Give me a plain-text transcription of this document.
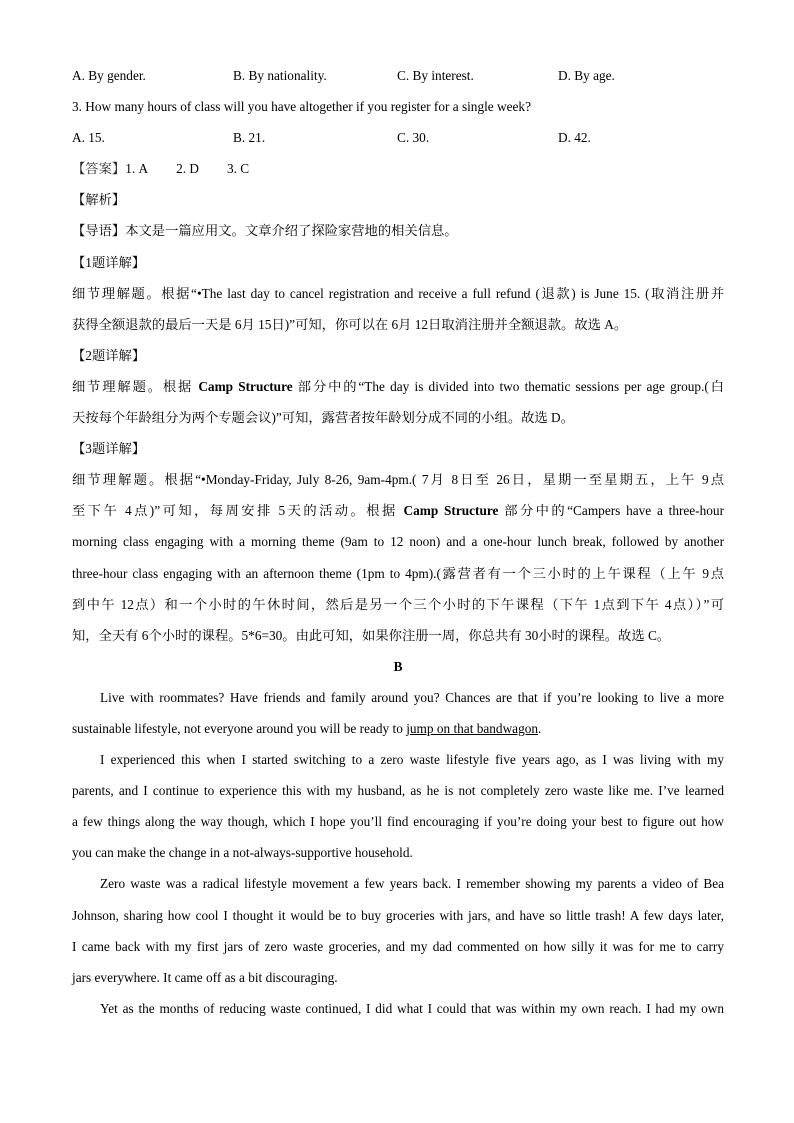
A. By gender.	B. By nationality.	C. By interest.	D. By age.
3. How many hours of class will you have altogether if you register for a single week?
A. 15.	B. 21.	C. 30.	D. 42.
【答案】1. A 2. D 3. C
【解析】
【导语】本文是一篇应用文。文章介绍了探险家营地的相关信息。
【1题详解】
细节理解题。根据“•The last day to cancel registration and receive a full refund (退款) is June 15. (取消注册并
获得全额退款的最后一天是 6月 15日)”可知，你可以在 6月 12日取消注册并全额退款。故选 A。
【2题详解】
细节理解题。根据 Camp Structure 部分中的“The day is divided into two thematic sessions per age group.(白
天按每个年龄组分为两个专题会议)”可知，露营者按年龄划分成不同的小组。故选 D。
【3题详解】
细节理解题。根据“•Monday-Friday, July 8-26, 9am-4pm.( 7月 8日至 26日，星期一至星期五，上午 9点
至下午 4点)”可知，每周安排 5天的活动。根据 Camp Structure 部分中的“Campers have a three-hour
morning class engaging with a morning theme (9am to 12 noon) and a one-hour lunch break, followed by another
three-hour class engaging with an afternoon theme (1pm to 4pm).(露营者有一个三小时的上午课程（上午 9点
到中午 12点）和一个小时的午休时间，然后是另一个三个小时的下午课程（下午 1点到下午 4点））”可
知，全天有 6个小时的课程。5*6=30。由此可知，如果你注册一周，你总共有 30小时的课程。故选 C。
B
Live with roommates? Have friends and family around you? Chances are that if you’re looking to live a more
sustainable lifestyle, not everyone around you will be ready to jump on that bandwagon.
I experienced this when I started switching to a zero waste lifestyle five years ago, as I was living with my
parents, and I continue to experience this with my husband, as he is not completely zero waste like me. I’ve learned
a few things along the way though, which I hope you’ll find encouraging if you’re doing your best to figure out how
you can make the change in a not-always-supportive household.
Zero waste was a radical lifestyle movement a few years back. I remember showing my parents a video of Bea
Johnson, sharing how cool I thought it would be to buy groceries with jars, and have so little trash! A few days later,
I came back with my first jars of zero waste groceries, and my dad commented on how silly it was for me to carry
jars everywhere. It came off as a bit discouraging.
Yet as the months of reducing waste continued, I did what I could that was within my own reach. I had my own
